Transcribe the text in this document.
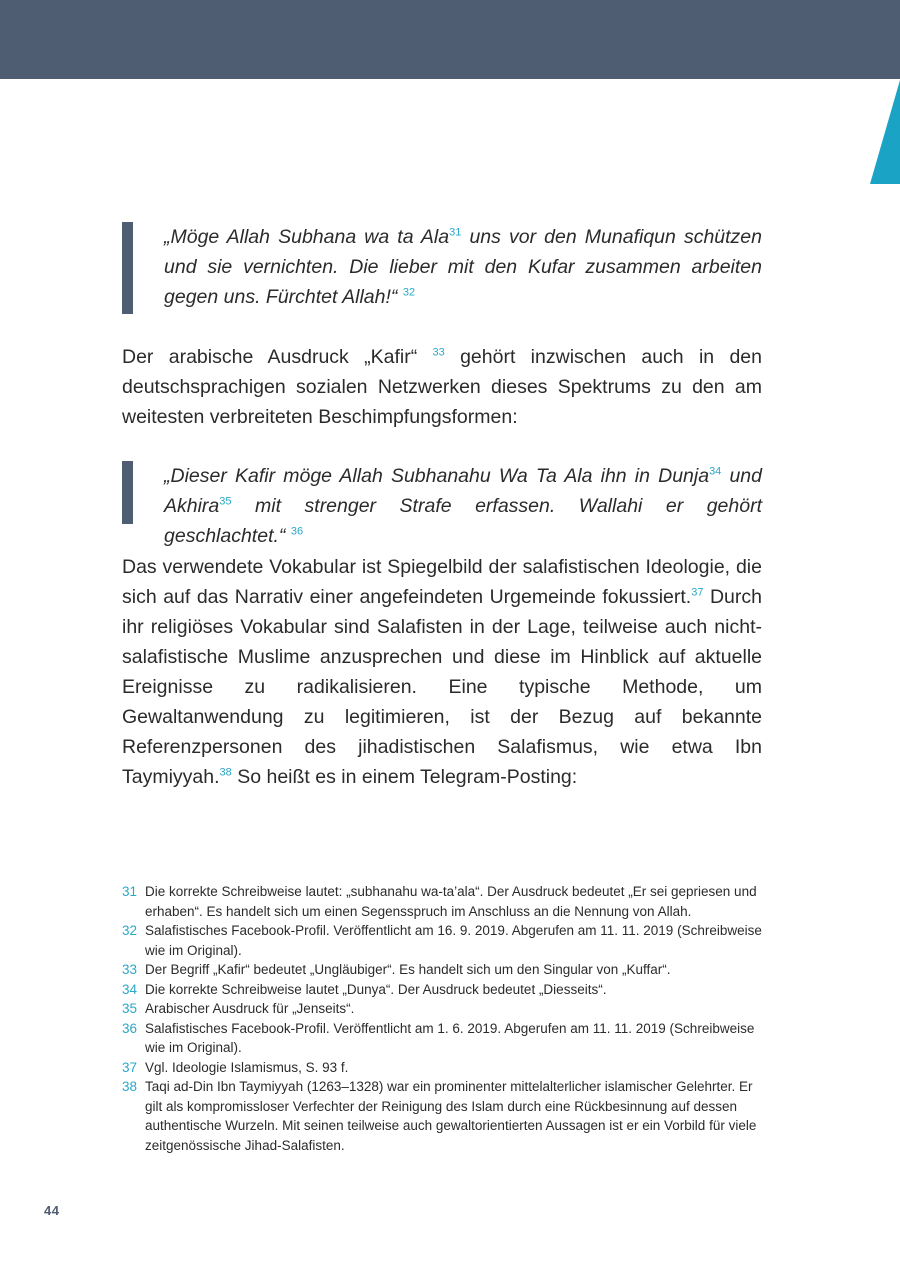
„Möge Allah Subhana wa ta Ala$^{31}$ uns vor den Munafiqun schützen und sie vernichten. Die lieber mit den Kufar zusammen arbeiten gegen uns. Fürchtet Allah!“ $^{32}$

Der arabische Ausdruck „Kafir“ $^{33}$ gehört inzwischen auch in den deutschsprachigen sozialen Netzwerken dieses Spektrums zu den am weitesten verbreiteten Beschimpfungsformen:

„Dieser Kafir möge Allah Subhanahu Wa Ta Ala ihn in Dunja$^{34}$ und Akhira$^{35}$ mit strenger Strafe erfassen. Wallahi er gehört geschlachtet.“ $^{36}$

Das verwendete Vokabular ist Spiegelbild der salafistischen Ideologie, die sich auf das Narrativ einer angefeindeten Urgemeinde fokussiert.$^{37}$ Durch ihr religiöses Vokabular sind Salafisten in der Lage, teilweise auch nicht-salafistische Muslime anzusprechen und diese im Hinblick auf aktuelle Ereignisse zu radikalisieren. Eine typische Methode, um Gewaltanwendung zu legitimieren, ist der Bezug auf bekannte Referenzpersonen des jihadistischen Salafismus, wie etwa Ibn Taymiyyah.$^{38}$ So heißt es in einem Telegram-Posting:

31 Die korrekte Schreibweise lautet: „subhanahu wa-ta’ala“. Der Ausdruck bedeutet „Er sei gepriesen und erhaben“. Es handelt sich um einen Segensspruch im Anschluss an die Nennung von Allah.
32 Salafistisches Facebook-Profil. Veröffentlicht am 16. 9. 2019. Abgerufen am 11. 11. 2019 (Schreibweise wie im Original).
33 Der Begriff „Kafir“ bedeutet „Ungläubiger“. Es handelt sich um den Singular von „Kuffar“.
34 Die korrekte Schreibweise lautet „Dunya“. Der Ausdruck bedeutet „Diesseits“.
35 Arabischer Ausdruck für „Jenseits“.
36 Salafistisches Facebook-Profil. Veröffentlicht am 1. 6. 2019. Abgerufen am 11. 11. 2019 (Schreibweise wie im Original).
37 Vgl. Ideologie Islamismus, S. 93 f.
38 Taqi ad-Din Ibn Taymiyyah (1263–1328) war ein prominenter mittelalterlicher islamischer Gelehrter. Er gilt als kompromissloser Verfechter der Reinigung des Islam durch eine Rückbesinnung auf dessen authentische Wurzeln. Mit seinen teilweise auch gewaltorientierten Aussagen ist er ein Vorbild für viele zeitgenössische Jihad-Salafisten.
44
